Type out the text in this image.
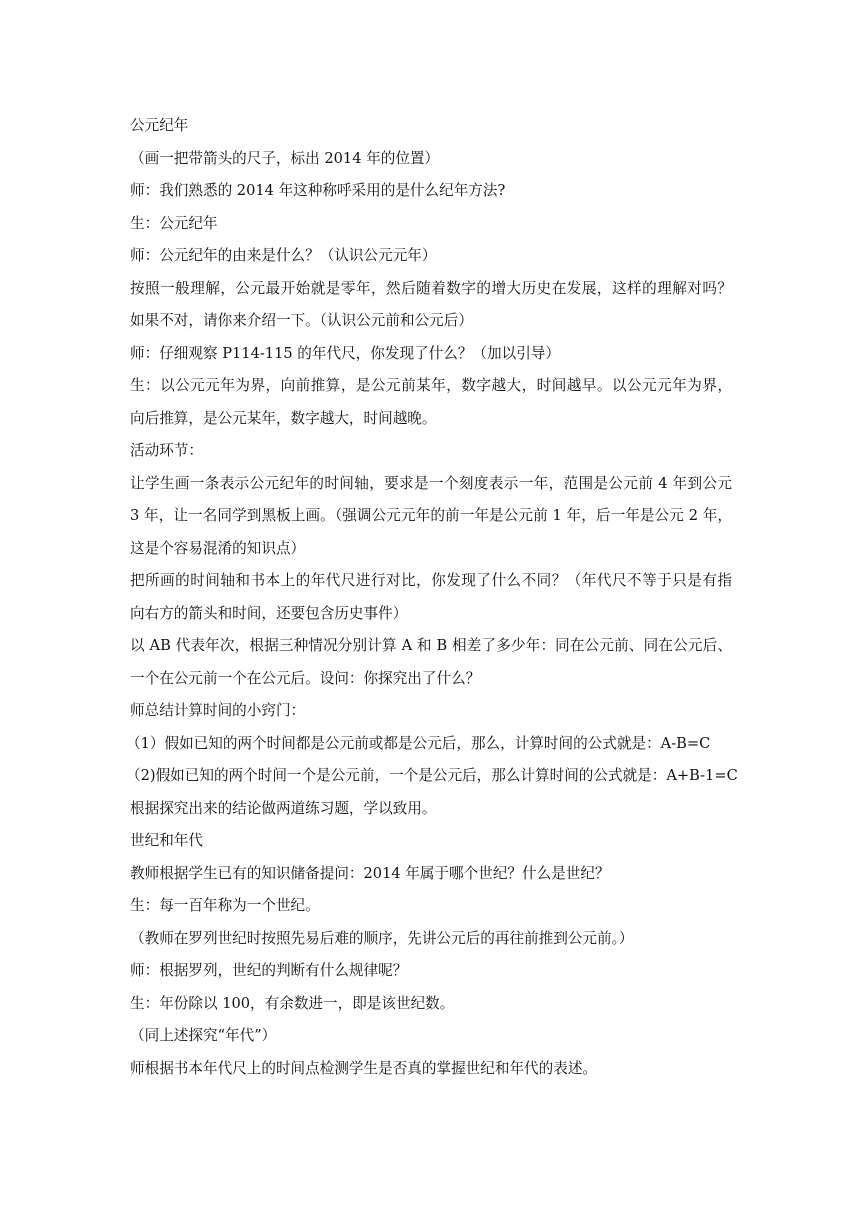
公元纪年
（画一把带箭头的尺子，标出 2014 年的位置）
师：我们熟悉的 2014 年这种称呼采用的是什么纪年方法?
生：公元纪年
师：公元纪年的由来是什么？（认识公元元年）
按照一般理解，公元最开始就是零年，然后随着数字的增大历史在发展，这样的理解对吗？
如果不对，请你来介绍一下。（认识公元前和公元后）
师：仔细观察 P114-115 的年代尺，你发现了什么？（加以引导）
生：以公元元年为界，向前推算，是公元前某年，数字越大，时间越早。以公元元年为界，
向后推算，是公元某年，数字越大，时间越晚。
活动环节：
让学生画一条表示公元纪年的时间轴，要求是一个刻度表示一年，范围是公元前 4 年到公元
3 年，让一名同学到黑板上画。（强调公元元年的前一年是公元前 1 年，后一年是公元 2 年，
这是个容易混淆的知识点）
把所画的时间轴和书本上的年代尺进行对比，你发现了什么不同？（年代尺不等于只是有指
向右方的箭头和时间，还要包含历史事件）
以 AB 代表年次，根据三种情况分别计算 A 和 B 相差了多少年：同在公元前、同在公元后、
一个在公元前一个在公元后。设问：你探究出了什么？
师总结计算时间的小窍门：
（1）假如已知的两个时间都是公元前或都是公元后，那么，计算时间的公式就是：A-B=C
（2)假如已知的两个时间一个是公元前，一个是公元后，那么计算时间的公式就是：A+B-1=C
根据探究出来的结论做两道练习题，学以致用。
世纪和年代
教师根据学生已有的知识储备提问：2014 年属于哪个世纪？什么是世纪？
生：每一百年称为一个世纪。
（教师在罗列世纪时按照先易后难的顺序，先讲公元后的再往前推到公元前。）
师：根据罗列，世纪的判断有什么规律呢？
生：年份除以 100，有余数进一，即是该世纪数。
（同上述探究“年代”）
师根据书本年代尺上的时间点检测学生是否真的掌握世纪和年代的表述。
